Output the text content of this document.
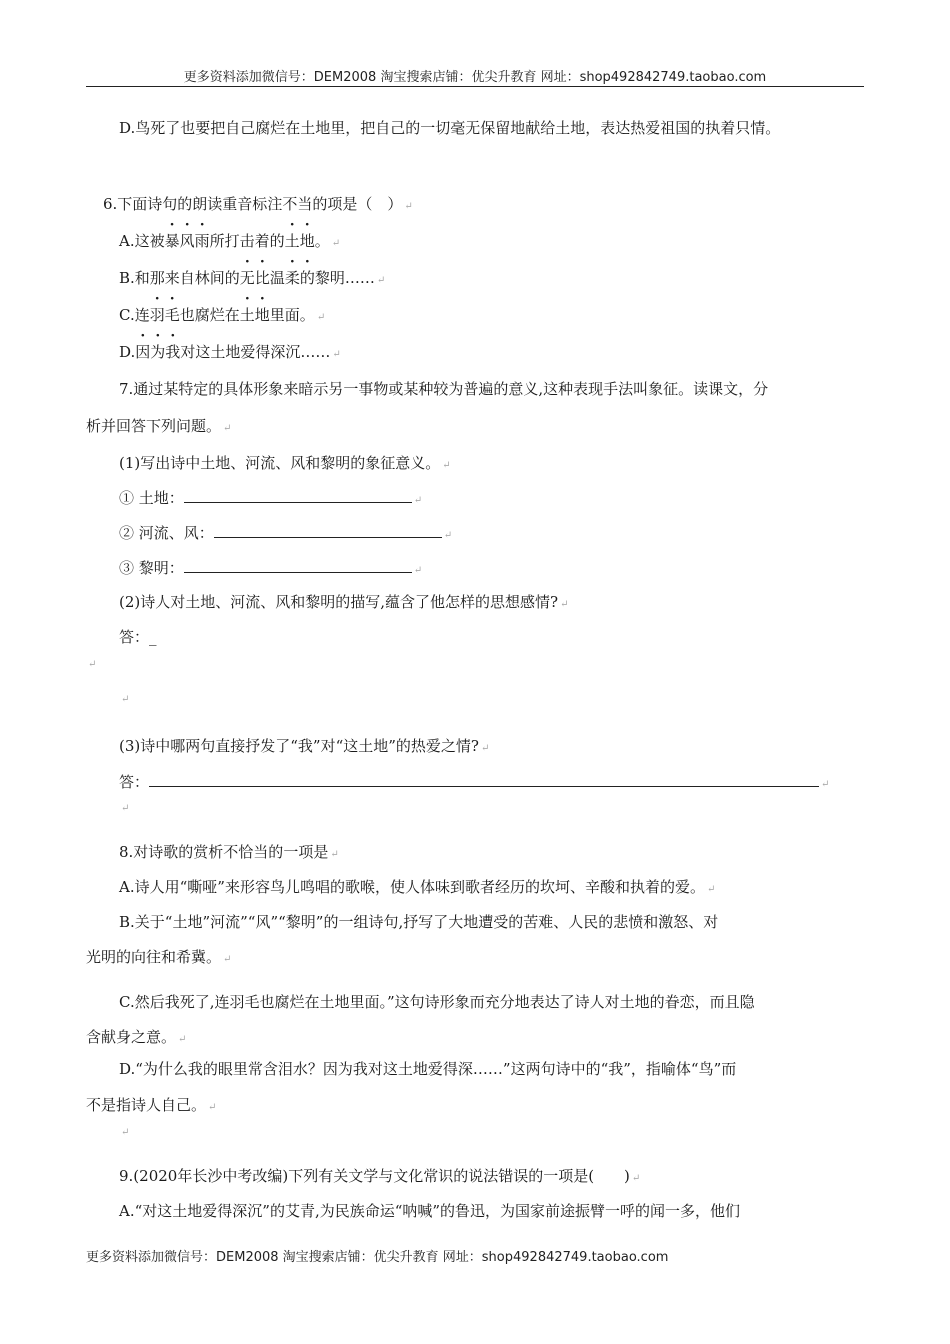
更多资料添加微信号：DEM2008 淘宝搜索店铺：优尖升教育 网址：shop492842749.taobao.com
D.鸟死了也要把自己腐烂在土地里，把自己的一切毫无保留地献给土地，表达热爱祖国的执着只情。
6.下面诗句的朗读重音标注不当的项是（　） ↵
A.这被暴风雨所打击着的土地。 ↵
B.和那来自林间的无比温柔的黎明…… ↵
C.连羽毛也腐烂在土地里面。 ↵
D.因为我对这土地爱得深沉…… ↵
7.通过某特定的具体形象来暗示另一事物或某种较为普遍的意义,这种表现手法叫象征。读课文，分
析并回答下列问题。 ↵
(1)写出诗中土地、河流、风和黎明的象征意义。 ↵
① 土地：	↵
② 河流、风：	↵
③ 黎明：	↵
(2)诗人对土地、河流、风和黎明的描写,蕴含了他怎样的思想感情? ↵
答：_
↵
↵
(3)诗中哪两句直接抒发了“我”对“这土地”的热爱之情? ↵
答：	↵
↵
8.对诗歌的赏析不恰当的一项是 ↵
A.诗人用“嘶哑”来形容鸟儿鸣唱的歌喉，使人体味到歌者经历的坎坷、辛酸和执着的爱。 ↵
B.关于“土地”河流”“风”“黎明”的一组诗句,抒写了大地遭受的苦难、人民的悲愤和激怒、对
光明的向往和希冀。 ↵
C.然后我死了,连羽毛也腐烂在土地里面。”这句诗形象而充分地表达了诗人对土地的眷恋，而且隐
含献身之意。 ↵
D.“为什么我的眼里常含泪水？因为我对这土地爱得深……”这两句诗中的“我”，指喻体“鸟”而
不是指诗人自己。 ↵
↵
9.(2020年长沙中考改编)下列有关文学与文化常识的说法错误的一项是(　　) ↵
A.“对这土地爱得深沉”的艾青,为民族命运“呐喊”的鲁迅，为国家前途振臂一呼的闻一多，他们
更多资料添加微信号：DEM2008 淘宝搜索店铺：优尖升教育 网址：shop492842749.taobao.com
